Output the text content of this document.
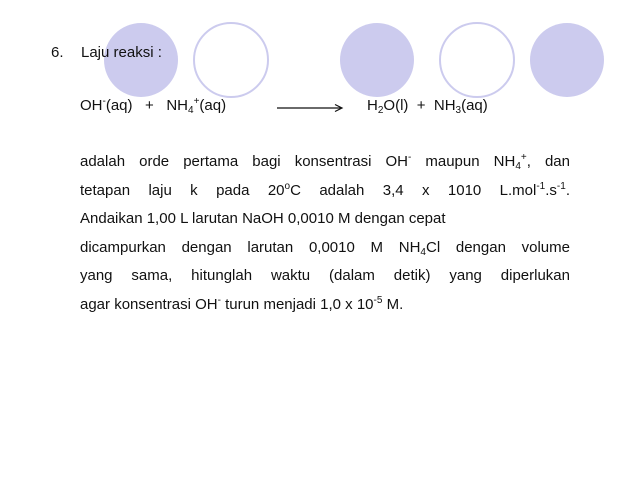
6. Laju reaksi :
$OH^-(aq) + NH_4^+(aq)$	$H_2O(l) + NH_3(aq)$
adalah orde pertama bagi konsentrasi OH- maupun $NH_4^+$, dan
tetapan laju k pada 20$^o$C adalah 3,4 x 1010 $L.mol^{-1}.s^{-1}$.
Andaikan 1,00 L larutan NaOH 0,0010 M dengan cepat
dicampurkan dengan larutan 0,0010 M $NH_4Cl$ dengan volume
yang sama, hitunglah waktu (dalam detik) yang diperlukan
agar konsentrasi OH- turun menjadi 1,0 x $10^{-5}$ M.
